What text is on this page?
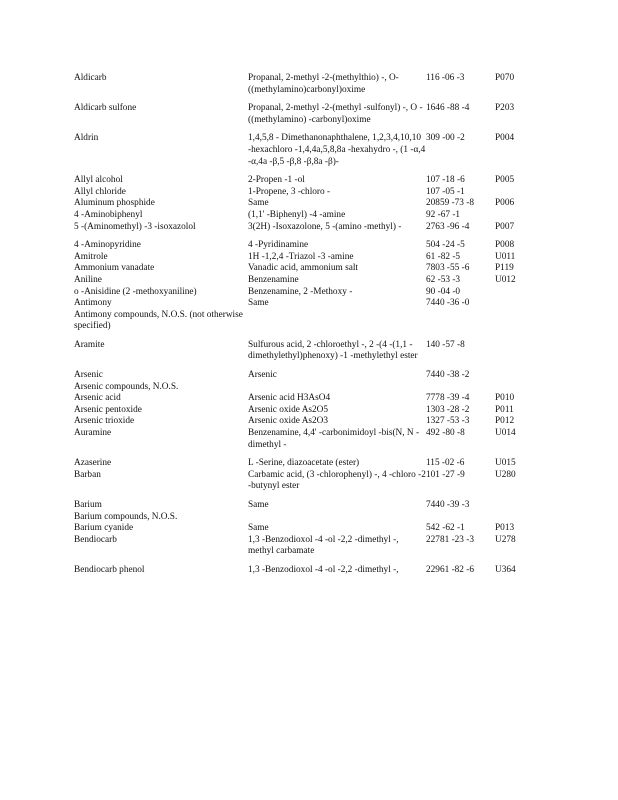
Aldicarb	Propanal, 2-methyl -2-(methylthio) -, O-((methylamino)carbonyl)oxime	116 -06 -3	P070
Aldicarb sulfone	Propanal, 2-methyl -2-(methyl -sulfonyl) -, O -((methylamino) -carbonyl)oxime	1646 -88 -4	P203
Aldrin	1,4,5,8 - Dimethanonaphthalene, 1,2,3,4,10,10 -hexachloro -1,4,4a,5,8,8a -hexahydro -, (1 -α,4 -α,4a -β,5 -β,8 -β,8a -β)-	309 -00 -2	P004
Allyl alcohol	2-Propen -1 -ol	107 -18 -6	P005
Allyl chloride	1-Propene, 3 -chloro -	107 -05 -1	
Aluminum phosphide	Same	20859 -73 -8	P006
4 -Aminobiphenyl	(1,1' -Biphenyl) -4 -amine	92 -67 -1	
5 -(Aminomethyl) -3 -isoxazolol	3(2H) -Isoxazolone, 5 -(amino -methyl) -	2763 -96 -4	P007
4 -Aminopyridine	4 -Pyridinamine	504 -24 -5	P008
Amitrole	1H -1,2,4 -Triazol -3 -amine	61 -82 -5	U011
Ammonium vanadate	Vanadic acid, ammonium salt	7803 -55 -6	P119
Aniline	Benzenamine	62 -53 -3	U012
o -Anisidine (2 -methoxyaniline)	Benzenamine, 2 -Methoxy -	90 -04 -0	
Antimony	Same	7440 -36 -0	
Antimony compounds, N.O.S. (not otherwise specified)			
Aramite	Sulfurous acid, 2 -chloroethyl -, 2 -(4 -(1,1 -dimethylethyl)phenoxy) -1 -methylethyl ester	140 -57 -8	
Arsenic	Arsenic	7440 -38 -2	
Arsenic compounds, N.O.S.			
Arsenic acid	Arsenic acid H3AsO4	7778 -39 -4	P010
Arsenic pentoxide	Arsenic oxide As2O5	1303 -28 -2	P011
Arsenic trioxide	Arsenic oxide As2O3	1327 -53 -3	P012
Auramine	Benzenamine, 4,4' -carbonimidoyl -bis(N, N -dimethyl -	492 -80 -8	U014
Azaserine	L -Serine, diazoacetate (ester)	115 -02 -6	U015
Barban	Carbamic acid, (3 -chlorophenyl) -, 4 -chloro -2 -butynyl ester	101 -27 -9	U280
Barium	Same	7440 -39 -3	
Barium compounds, N.O.S.			
Barium cyanide	Same	542 -62 -1	P013
Bendiocarb	1,3 -Benzodioxol -4 -ol -2,2 -dimethyl -, methyl carbamate	22781 -23 -3	U278
Bendiocarb phenol	1,3 -Benzodioxol -4 -ol -2,2 -dimethyl -,	22961 -82 -6	U364
